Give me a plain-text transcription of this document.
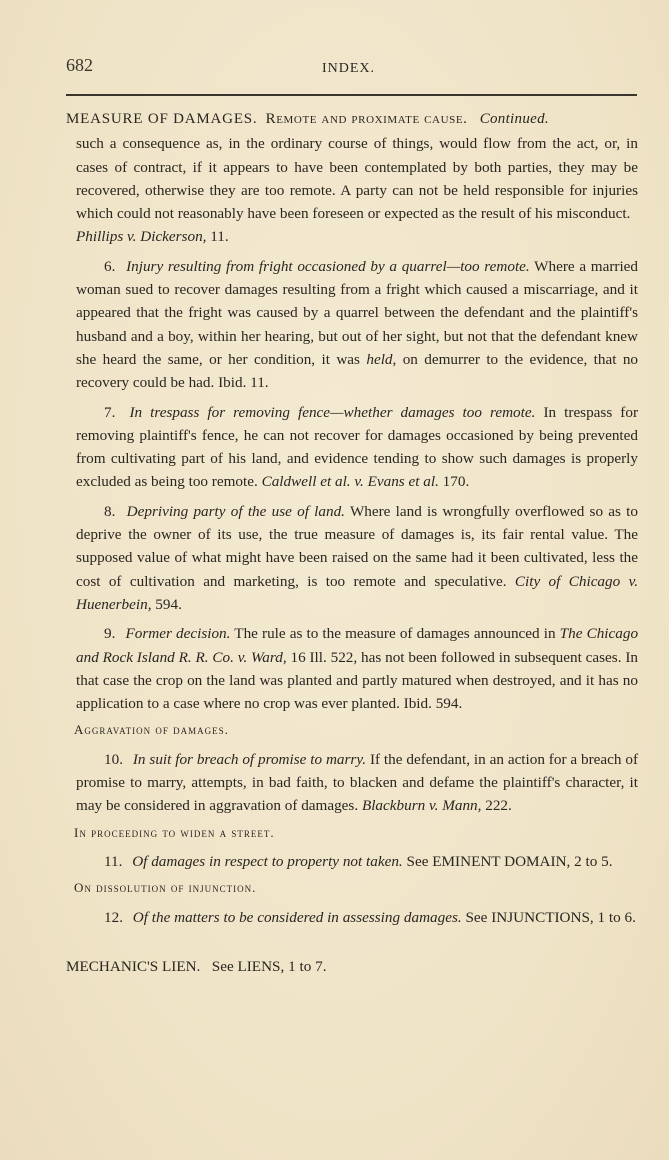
682	INDEX.

MEASURE OF DAMAGES. Remote and proximate cause. Continued.

such a consequence as, in the ordinary course of things, would flow from the act, or, in cases of contract, if it appears to have been contemplated by both parties, they may be recovered, otherwise they are too remote. A party can not be held responsible for injuries which could not reasonably have been foreseen or expected as the result of his misconduct.   Phillips v. Dickerson, 11.

6. Injury resulting from fright occasioned by a quarrel—too remote. Where a married woman sued to recover damages resulting from a fright which caused a miscarriage, and it appeared that the fright was caused by a quarrel between the defendant and the plaintiff's husband and a boy, within her hearing, but out of her sight, but not that the defendant knew she heard the same, or her condition, it was held, on demurrer to the evidence, that no recovery could be had. Ibid. 11.

7. In trespass for removing fence—whether damages too remote. In trespass for removing plaintiff's fence, he can not recover for damages occasioned by being prevented from cultivating part of his land, and evidence tending to show such damages is properly excluded as being too remote. Caldwell et al. v. Evans et al. 170.

8. Depriving party of the use of land. Where land is wrongfully overflowed so as to deprive the owner of its use, the true measure of damages is, its fair rental value. The supposed value of what might have been raised on the same had it been cultivated, less the cost of cultivation and marketing, is too remote and speculative. City of Chicago v. Huenerbein, 594.

9. Former decision. The rule as to the measure of damages announced in The Chicago and Rock Island R. R. Co. v. Ward, 16 Ill. 522, has not been followed in subsequent cases. In that case the crop on the land was planted and partly matured when destroyed, and it has no application to a case where no crop was ever planted. Ibid. 594.

Aggravation of damages.

10. In suit for breach of promise to marry. If the defendant, in an action for a breach of promise to marry, attempts, in bad faith, to blacken and defame the plaintiff's character, it may be considered in aggravation of damages. Blackburn v. Mann, 222.

In proceeding to widen a street.

11. Of damages in respect to property not taken. See EMINENT DOMAIN, 2 to 5.

On dissolution of injunction.

12. Of the matters to be considered in assessing damages. See INJUNCTIONS, 1 to 6.

MECHANIC'S LIEN. See LIENS, 1 to 7.
